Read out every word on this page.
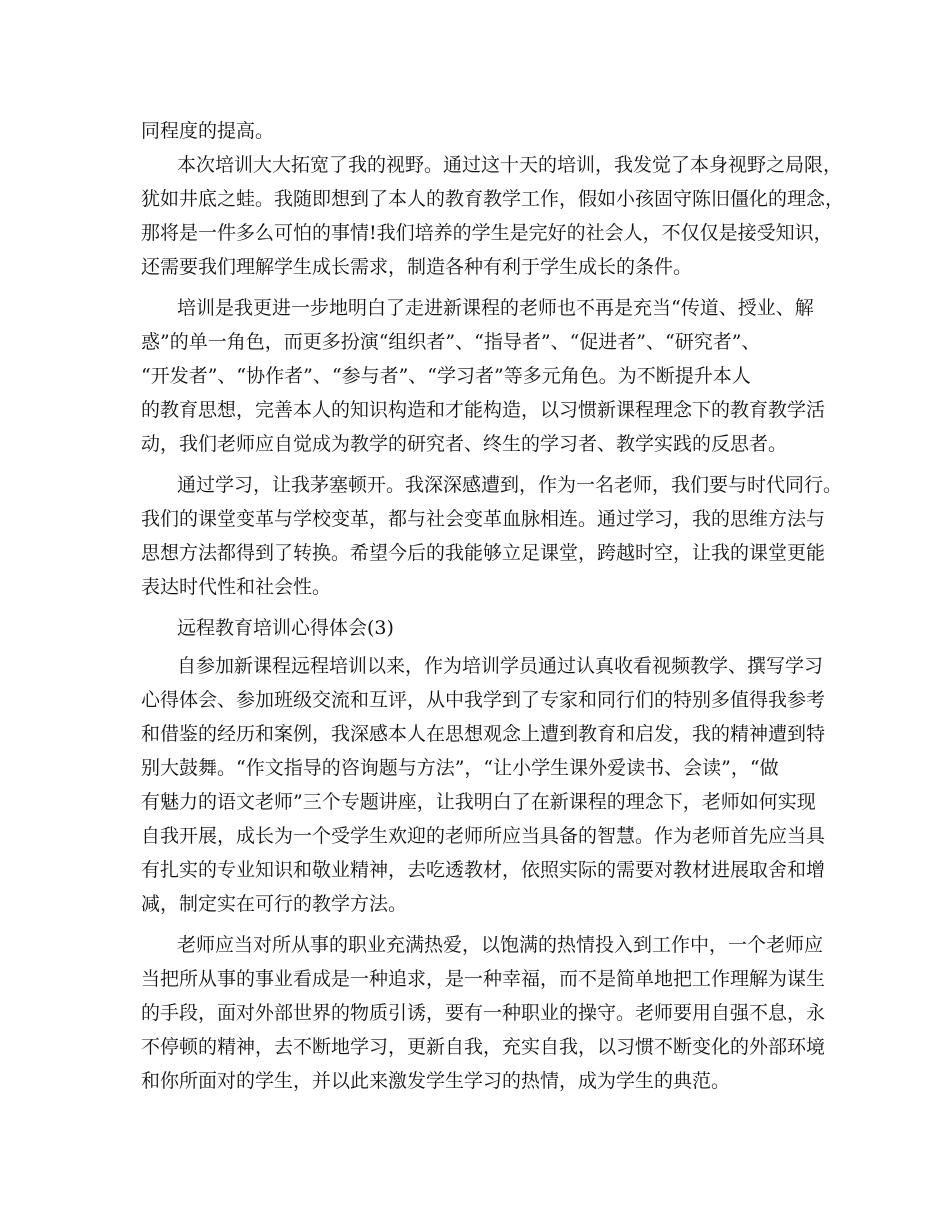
同程度的提高。
本次培训大大拓宽了我的视野。通过这十天的培训，我发觉了本身视野之局限，
犹如井底之蛙。我随即想到了本人的教育教学工作，假如小孩固守陈旧僵化的理念，
那将是一件多么可怕的事情!我们培养的学生是完好的社会人，不仅仅是接受知识，
还需要我们理解学生成长需求，制造各种有利于学生成长的条件。
培训是我更进一步地明白了走进新课程的老师也不再是充当“传道、授业、解
惑”的单一角色，而更多扮演“组织者”、“指导者”、“促进者”、“研究者”、
“开发者”、“协作者”、“参与者”、“学习者”等多元角色。为不断提升本人
的教育思想，完善本人的知识构造和才能构造，以习惯新课程理念下的教育教学活
动，我们老师应自觉成为教学的研究者、终生的学习者、教学实践的反思者。
通过学习，让我茅塞顿开。我深深感遭到，作为一名老师，我们要与时代同行。
我们的课堂变革与学校变革，都与社会变革血脉相连。通过学习，我的思维方法与
思想方法都得到了转换。希望今后的我能够立足课堂，跨越时空，让我的课堂更能
表达时代性和社会性。
远程教育培训心得体会(3)
自参加新课程远程培训以来，作为培训学员通过认真收看视频教学、撰写学习
心得体会、参加班级交流和互评，从中我学到了专家和同行们的特别多值得我参考
和借鉴的经历和案例，我深感本人在思想观念上遭到教育和启发，我的精神遭到特
别大鼓舞。“作文指导的咨询题与方法”，“让小学生课外爱读书、会读”，“做
有魅力的语文老师”三个专题讲座，让我明白了在新课程的理念下，老师如何实现
自我开展，成长为一个受学生欢迎的老师所应当具备的智慧。作为老师首先应当具
有扎实的专业知识和敬业精神，去吃透教材，依照实际的需要对教材进展取舍和增
减，制定实在可行的教学方法。
老师应当对所从事的职业充满热爱，以饱满的热情投入到工作中，一个老师应
当把所从事的事业看成是一种追求，是一种幸福，而不是简单地把工作理解为谋生
的手段，面对外部世界的物质引诱，要有一种职业的操守。老师要用自强不息，永
不停顿的精神，去不断地学习，更新自我，充实自我，以习惯不断变化的外部环境
和你所面对的学生，并以此来激发学生学习的热情，成为学生的典范。
